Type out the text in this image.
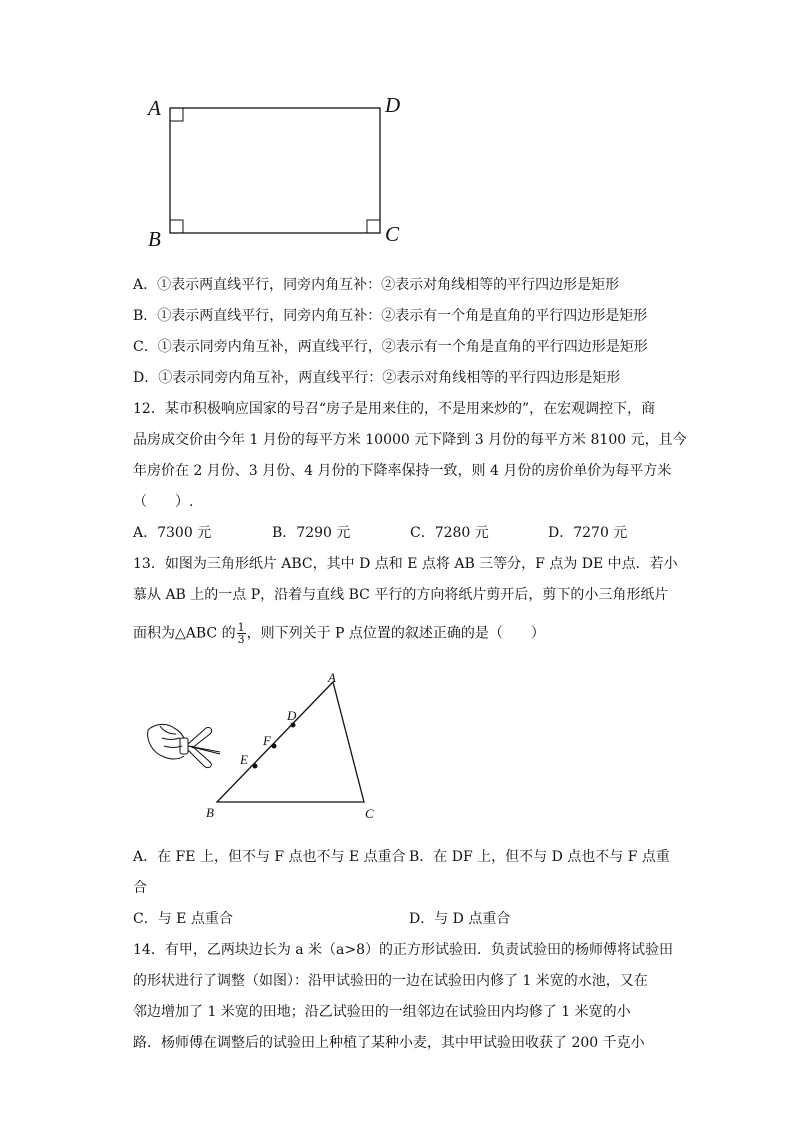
A	D
B	C
A．①表示两直线平行，同旁内角互补：②表示对角线相等的平行四边形是矩形
B．①表示两直线平行，同旁内角互补：②表示有一个角是直角的平行四边形是矩形
C．①表示同旁内角互补，两直线平行，②表示有一个角是直角的平行四边形是矩形
D．①表示同旁内角互补，两直线平行：②表示对角线相等的平行四边形是矩形
12．某市积极响应国家的号召“房子是用来住的，不是用来炒的”，在宏观调控下，商
品房成交价由今年 1 月份的每平方米 10000 元下降到 3 月份的每平方米 8100 元，且今
年房价在 2 月份、3 月份、4 月份的下降率保持一致，则 4 月份的房价单价为每平方米
（　　）.
A．7300 元	B．7290 元	C．7280 元	D．7270 元
13．如图为三角形纸片 ABC，其中 D 点和 E 点将 AB 三等分，F 点为 DE 中点．若小
慕从 AB 上的一点 P，沿着与直线 BC 平行的方向将纸片剪开后，剪下的小三角形纸片
面积为△ABC 的 $\frac{1}{3}$ ，则下列关于 P 点位置的叙述正确的是（　　）
A
D
F
E
B	C
A．在 FE 上，但不与 F 点也不与 E 点重合 B．在 DF 上，但不与 D 点也不与 F 点重
合
C．与 E 点重合	D．与 D 点重合
14．有甲，乙两块边长为 a 米（a>8）的正方形试验田．负责试验田的杨师傅将试验田
的形状进行了调整（如图）：沿甲试验田的一边在试验田内修了 1 米宽的水池，又在
邻边增加了 1 米宽的田地；沿乙试验田的一组邻边在试验田内均修了 1 米宽的小
路．杨师傅在调整后的试验田上种植了某种小麦，其中甲试验田收获了 200 千克小
